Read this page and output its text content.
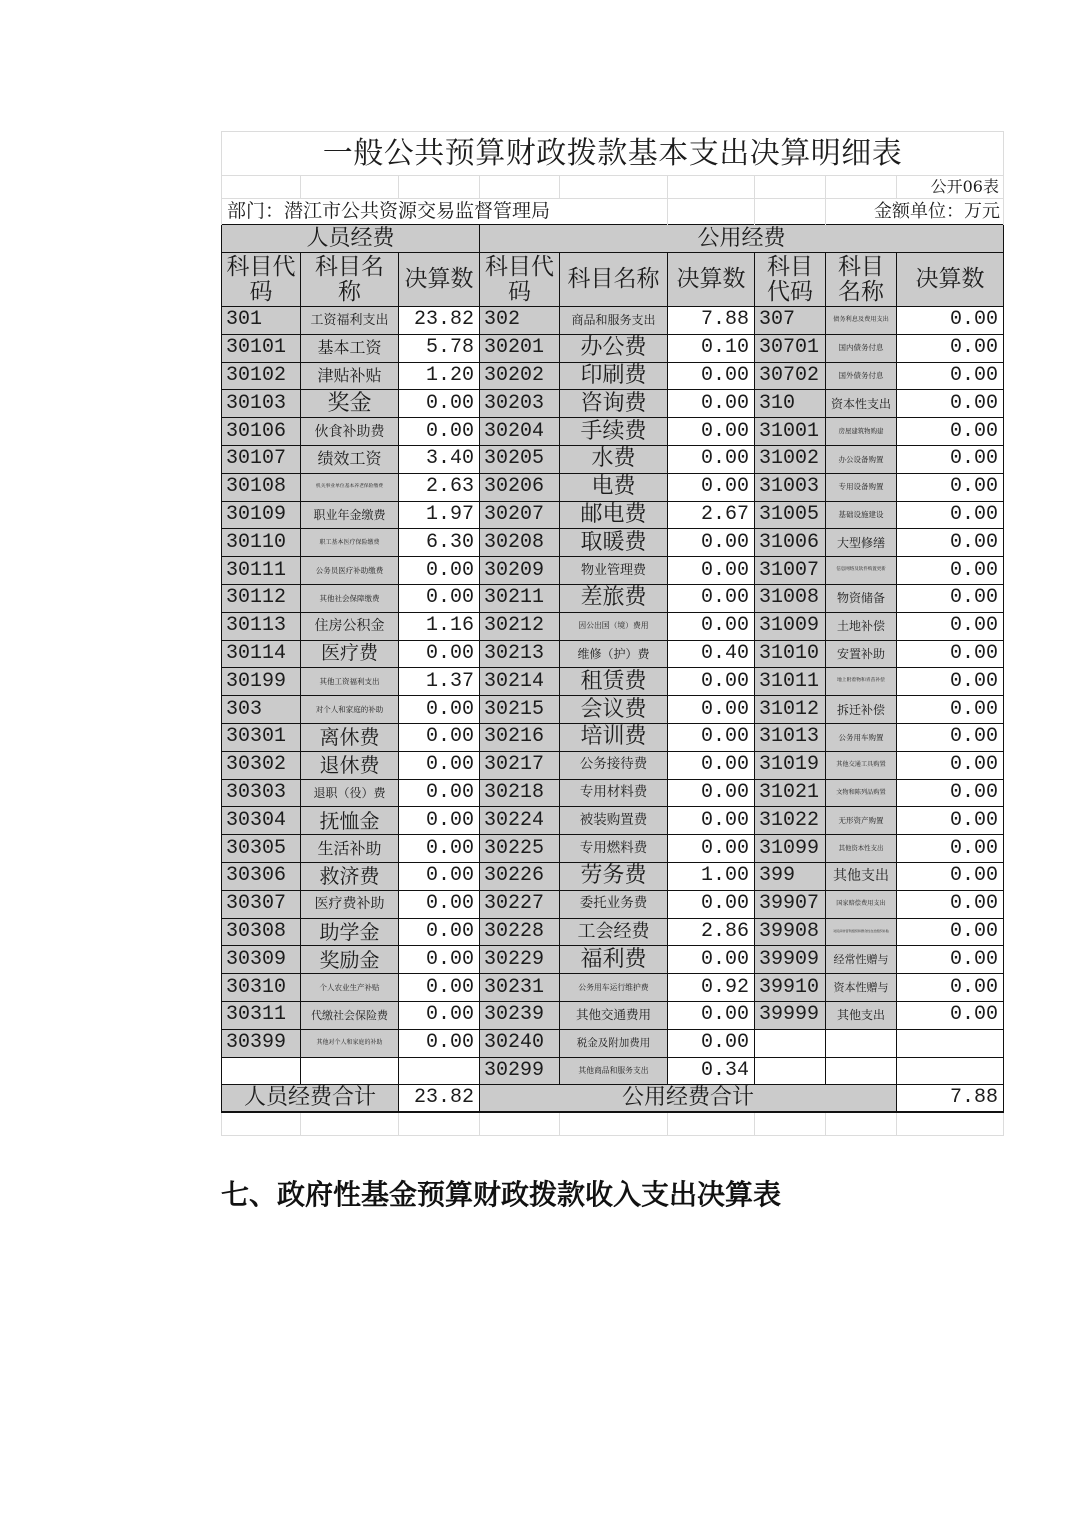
一般公共预算财政拨款基本支出决算明细表								
								公开06表
部门：潜江市公共资源交易监督管理局							金额单位：万元	
人员经费			公用经费					
科目代码	科目名称	决算数	科目代码	科目名称	决算数	科目代码	科目名称	决算数
301	工资福利支出	23.82	302	商品和服务支出	7.88	307	债务利息及费用支出	0.00
30101	基本工资	5.78	30201	办公费	0.10	30701	国内债务付息	0.00
30102	津贴补贴	1.20	30202	印刷费	0.00	30702	国外债务付息	0.00
30103	奖金	0.00	30203	咨询费	0.00	310	资本性支出	0.00
30106	伙食补助费	0.00	30204	手续费	0.00	31001	房屋建筑物购建	0.00
30107	绩效工资	3.40	30205	水费	0.00	31002	办公设备购置	0.00
30108	机关事业单位基本养老保险缴费	2.63	30206	电费	0.00	31003	专用设备购置	0.00
30109	职业年金缴费	1.97	30207	邮电费	2.67	31005	基础设施建设	0.00
30110	职工基本医疗保险缴费	6.30	30208	取暖费	0.00	31006	大型修缮	0.00
30111	公务员医疗补助缴费	0.00	30209	物业管理费	0.00	31007	信息网络及软件购置更新	0.00
30112	其他社会保障缴费	0.00	30211	差旅费	0.00	31008	物资储备	0.00
30113	住房公积金	1.16	30212	因公出国（境）费用	0.00	31009	土地补偿	0.00
30114	医疗费	0.00	30213	维修（护）费	0.40	31010	安置补助	0.00
30199	其他工资福利支出	1.37	30214	租赁费	0.00	31011	地上附着物和青苗补偿	0.00
303	对个人和家庭的补助	0.00	30215	会议费	0.00	31012	拆迁补偿	0.00
30301	离休费	0.00	30216	培训费	0.00	31013	公务用车购置	0.00
30302	退休费	0.00	30217	公务接待费	0.00	31019	其他交通工具购置	0.00
30303	退职（役）费	0.00	30218	专用材料费	0.00	31021	文物和陈列品购置	0.00
30304	抚恤金	0.00	30224	被装购置费	0.00	31022	无形资产购置	0.00
30305	生活补助	0.00	30225	专用燃料费	0.00	31099	其他资本性支出	0.00
30306	救济费	0.00	30226	劳务费	1.00	399	其他支出	0.00
30307	医疗费补助	0.00	30227	委托业务费	0.00	39907	国家赔偿费用支出	0.00
30308	助学金	0.00	30228	工会经费	2.86	39908	对民间非营利组织和群众性自治组织补贴	0.00
30309	奖励金	0.00	30229	福利费	0.00	39909	经常性赠与	0.00
30310	个人农业生产补贴	0.00	30231	公务用车运行维护费	0.92	39910	资本性赠与	0.00
30311	代缴社会保险费	0.00	30239	其他交通费用	0.00	39999	其他支出	0.00
30399	其他对个人和家庭的补助	0.00	30240	税金及附加费用	0.00			
			30299	其他商品和服务支出	0.34			
人员经费合计		23.82	公用经费合计					7.88

七、政府性基金预算财政拨款收入支出决算表
